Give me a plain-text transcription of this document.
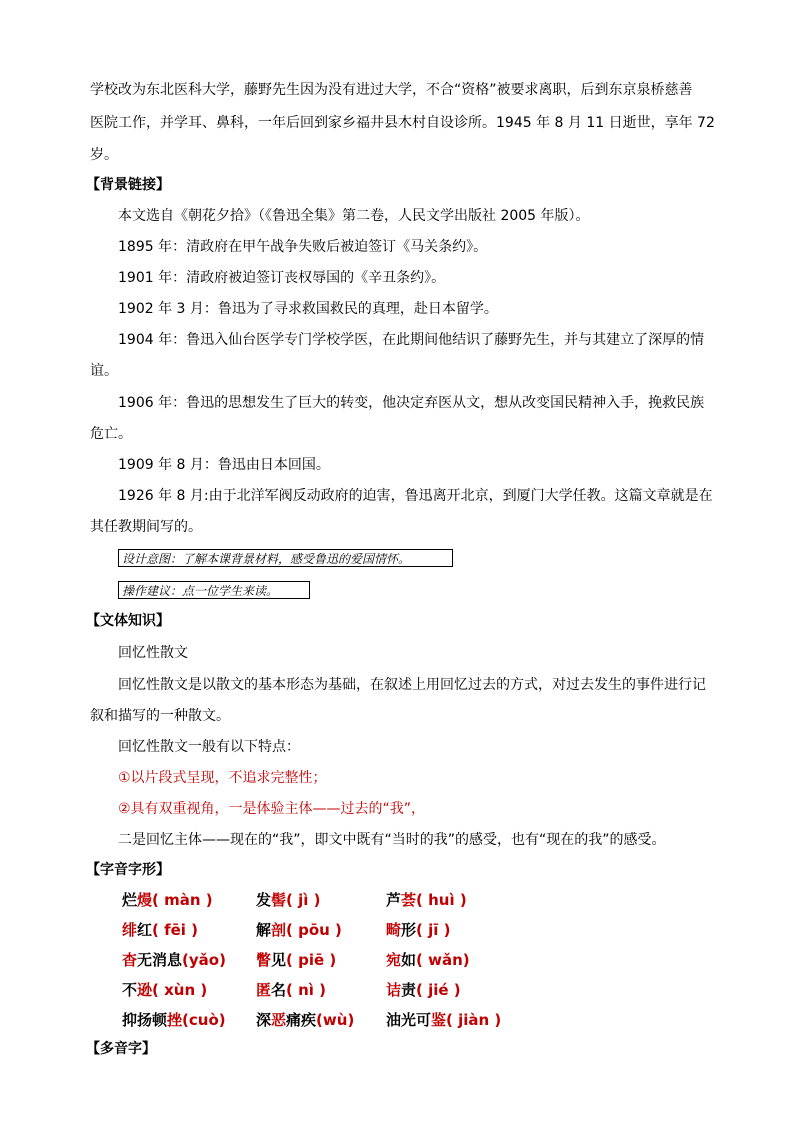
学校改为东北医科大学，藤野先生因为没有进过大学，不合“资格”被要求离职，后到东京泉桥慈善
医院工作，并学耳、鼻科，一年后回到家乡福井县木村自设诊所。1945 年 8 月 11 日逝世，享年 72
岁。
【背景链接】
本文选自《朝花夕拾》（《鲁迅全集》第二卷，人民文学出版社 2005 年版）。
1895 年：清政府在甲午战争失败后被迫签订《马关条约》。
1901 年：清政府被迫签订丧权辱国的《辛丑条约》。
1902 年 3 月：鲁迅为了寻求救国救民的真理，赴日本留学。
1904 年：鲁迅入仙台医学专门学校学医，在此期间他结识了藤野先生，并与其建立了深厚的情
谊。
1906 年：鲁迅的思想发生了巨大的转变，他决定弃医从文，想从改变国民精神入手，挽救民族
危亡。
1909 年 8 月：鲁迅由日本回国。
1926 年 8 月:由于北洋军阀反动政府的迫害，鲁迅离开北京，到厦门大学任教。这篇文章就是在
其任教期间写的。
设计意图：了解本课背景材料，感受鲁迅的爱国情怀。
操作建议：点一位学生来读。
【文体知识】
回忆性散文
回忆性散文是以散文的基本形态为基础，在叙述上用回忆过去的方式，对过去发生的事件进行记
叙和描写的一种散文。
回忆性散文一般有以下特点：
①以片段式呈现，不追求完整性；
②具有双重视角，一是体验主体——过去的“我”，
二是回忆主体——现在的“我”，即文中既有“当时的我”的感受，也有“现在的我”的感受。
【字音字形】
烂熳( màn )	发髻( jì )	芦荟( huì )
绯红( fēi )	解剖( pōu )	畸形( jī )
杳无消息(yǎo) 瞥见( piē )	宛如( wǎn)
不逊( xùn )	匿名( nì )	诘责( jié )
抑扬顿挫(cuò) 深恶痛疾(wù) 油光可鉴( jiàn )
【多音字】
